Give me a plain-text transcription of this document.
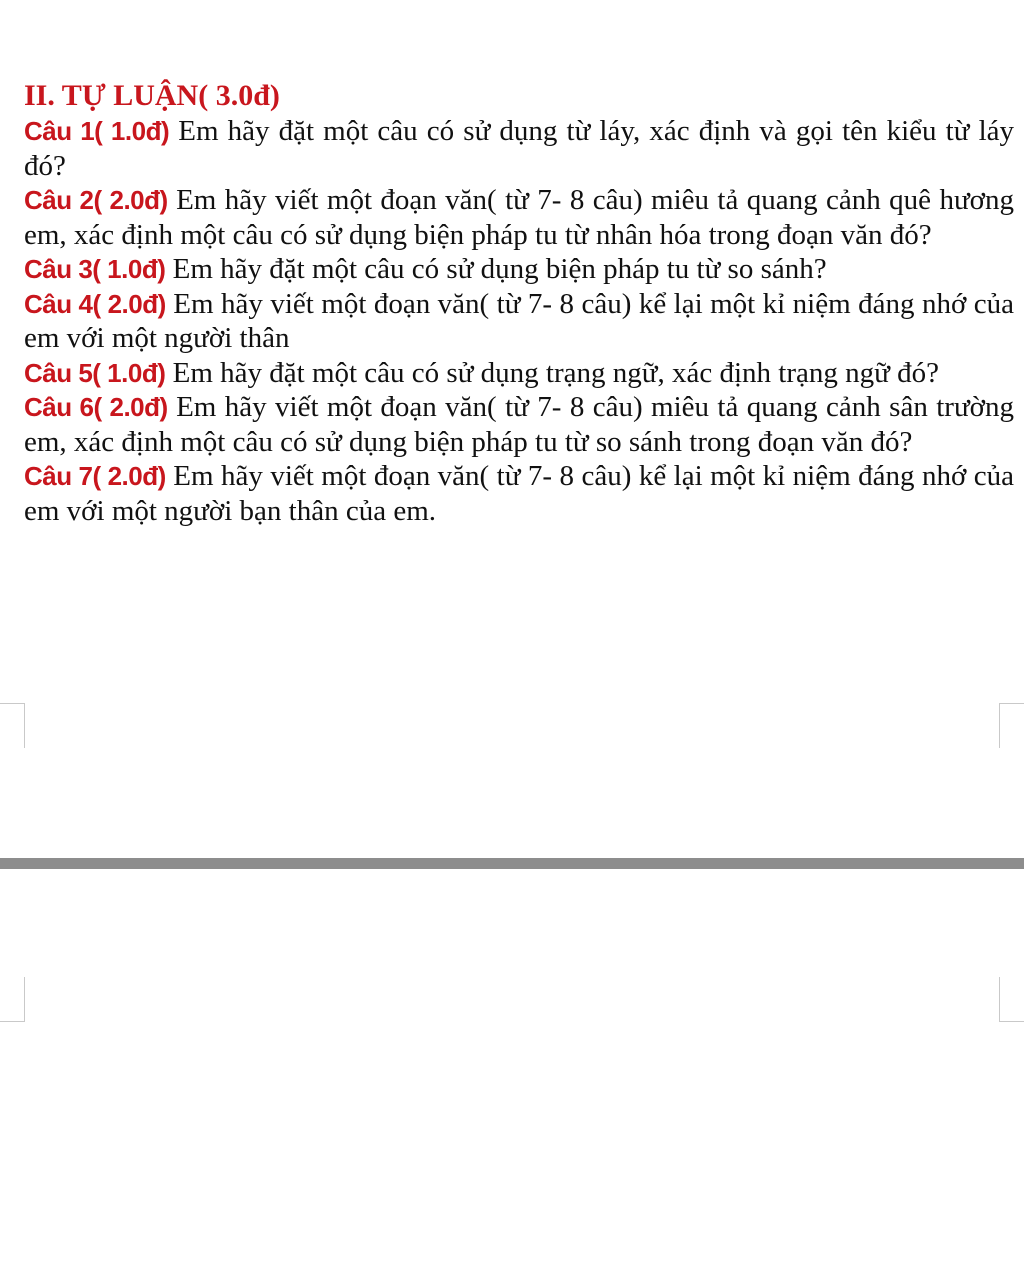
II. TỰ LUẬN( 3.0đ)

Câu 1( 1.0đ) Em hãy đặt một câu có sử dụng từ láy, xác định và gọi tên kiểu từ láy đó?

Câu 2( 2.0đ) Em hãy viết một đoạn văn( từ 7- 8 câu) miêu tả quang cảnh quê hương em, xác định một câu có sử dụng biện pháp tu từ nhân hóa trong đoạn văn đó?

Câu 3( 1.0đ) Em hãy đặt một câu có sử dụng biện pháp tu từ so sánh?

Câu 4( 2.0đ) Em hãy viết một đoạn văn( từ 7- 8 câu) kể lại một kỉ niệm đáng nhớ của em với một người thân

Câu 5( 1.0đ) Em hãy đặt một câu có sử dụng trạng ngữ, xác định trạng ngữ đó?

Câu 6( 2.0đ) Em hãy viết một đoạn văn( từ 7- 8 câu) miêu tả quang cảnh sân trường em, xác định một câu có sử dụng biện pháp tu từ so sánh trong đoạn văn đó?

Câu 7( 2.0đ) Em hãy viết một đoạn văn( từ 7- 8 câu) kể lại một kỉ niệm đáng nhớ của em với một người bạn thân của em.
